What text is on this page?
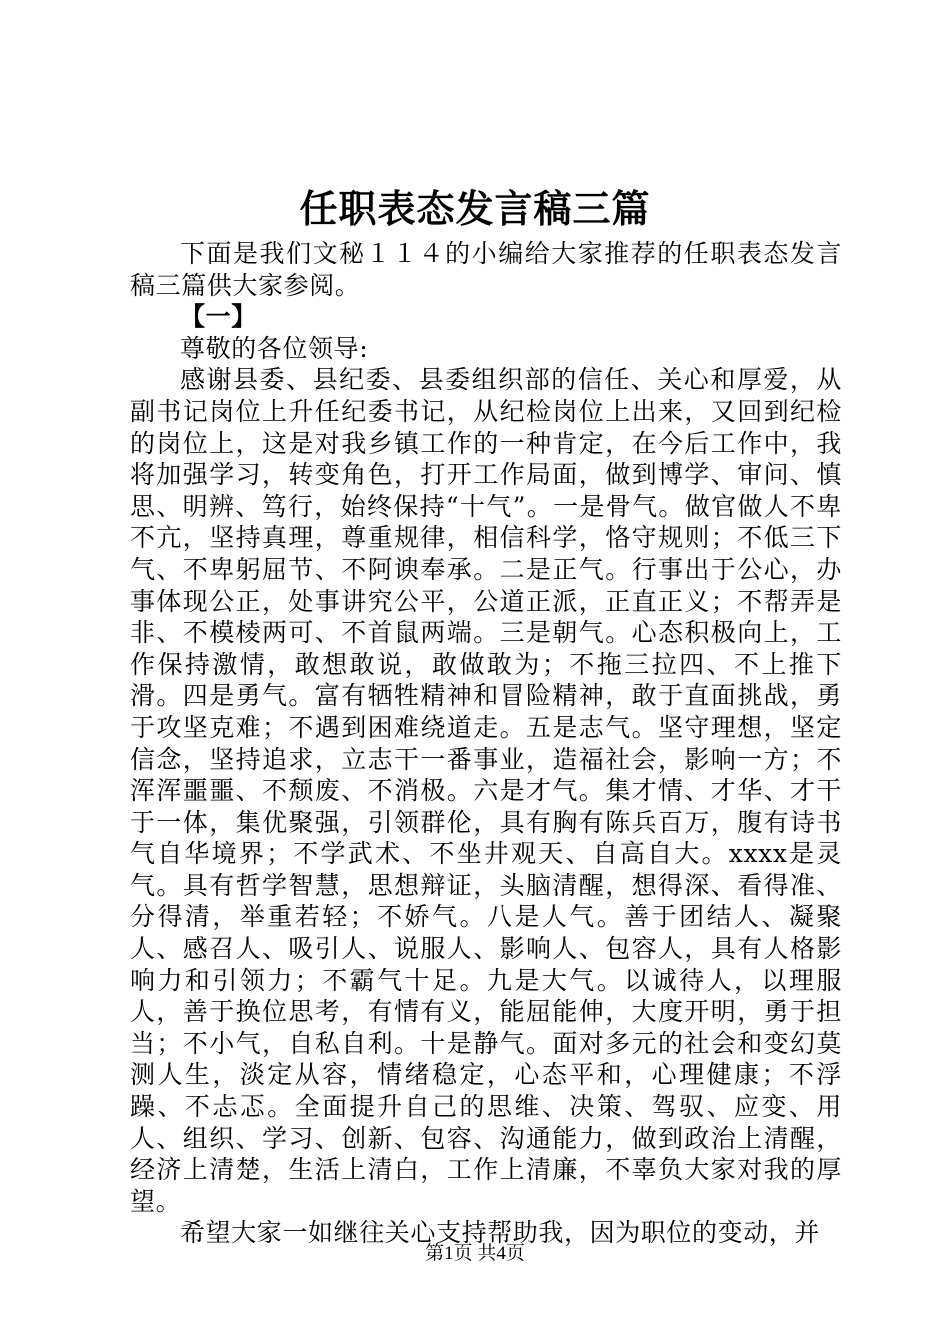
任职表态发言稿三篇

下面是我们文秘１１４的小编给大家推荐的任职表态发言稿三篇供大家参阅。

【一】

尊敬的各位领导:

感谢县委、县纪委、县委组织部的信任、关心和厚爱，从副书记岗位上升任纪委书记，从纪检岗位上出来，又回到纪检的岗位上，这是对我乡镇工作的一种肯定，在今后工作中，我将加强学习，转变角色，打开工作局面，做到博学、审问、慎思、明辨、笃行，始终保持“十气”。一是骨气。做官做人不卑不亢，坚持真理，尊重规律，相信科学，恪守规则；不低三下气、不卑躬屈节、不阿谀奉承。二是正气。行事出于公心，办事体现公正，处事讲究公平，公道正派，正直正义；不帮弄是非、不模棱两可、不首鼠两端。三是朝气。心态积极向上，工作保持激情，敢想敢说，敢做敢为；不拖三拉四、不上推下滑。四是勇气。富有牺牲精神和冒险精神，敢于直面挑战，勇于攻坚克难；不遇到困难绕道走。五是志气。坚守理想，坚定信念，坚持追求，立志干一番事业，造福社会，影响一方；不浑浑噩噩、不颓废、不消极。六是才气。集才情、才华、才干于一体，集优聚强，引领群伦，具有胸有陈兵百万，腹有诗书气自华境界；不学武术、不坐井观天、自高自大。xxxx是灵气。具有哲学智慧，思想辩证，头脑清醒，想得深、看得准、分得清，举重若轻；不娇气。八是人气。善于团结人、凝聚人、感召人、吸引人、说服人、影响人、包容人，具有人格影响力和引领力；不霸气十足。九是大气。以诚待人，以理服人，善于换位思考，有情有义，能屈能伸，大度开明，勇于担当；不小气，自私自利。十是静气。面对多元的社会和变幻莫测人生，淡定从容，情绪稳定，心态平和，心理健康；不浮躁、不忐忑。全面提升自己的思维、决策、驾驭、应变、用人、组织、学习、创新、包容、沟通能力，做到政治上清醒，经济上清楚，生活上清白，工作上清廉，不辜负大家对我的厚望。

希望大家一如继往关心支持帮助我，因为职位的变动，并

第1页 共4页
